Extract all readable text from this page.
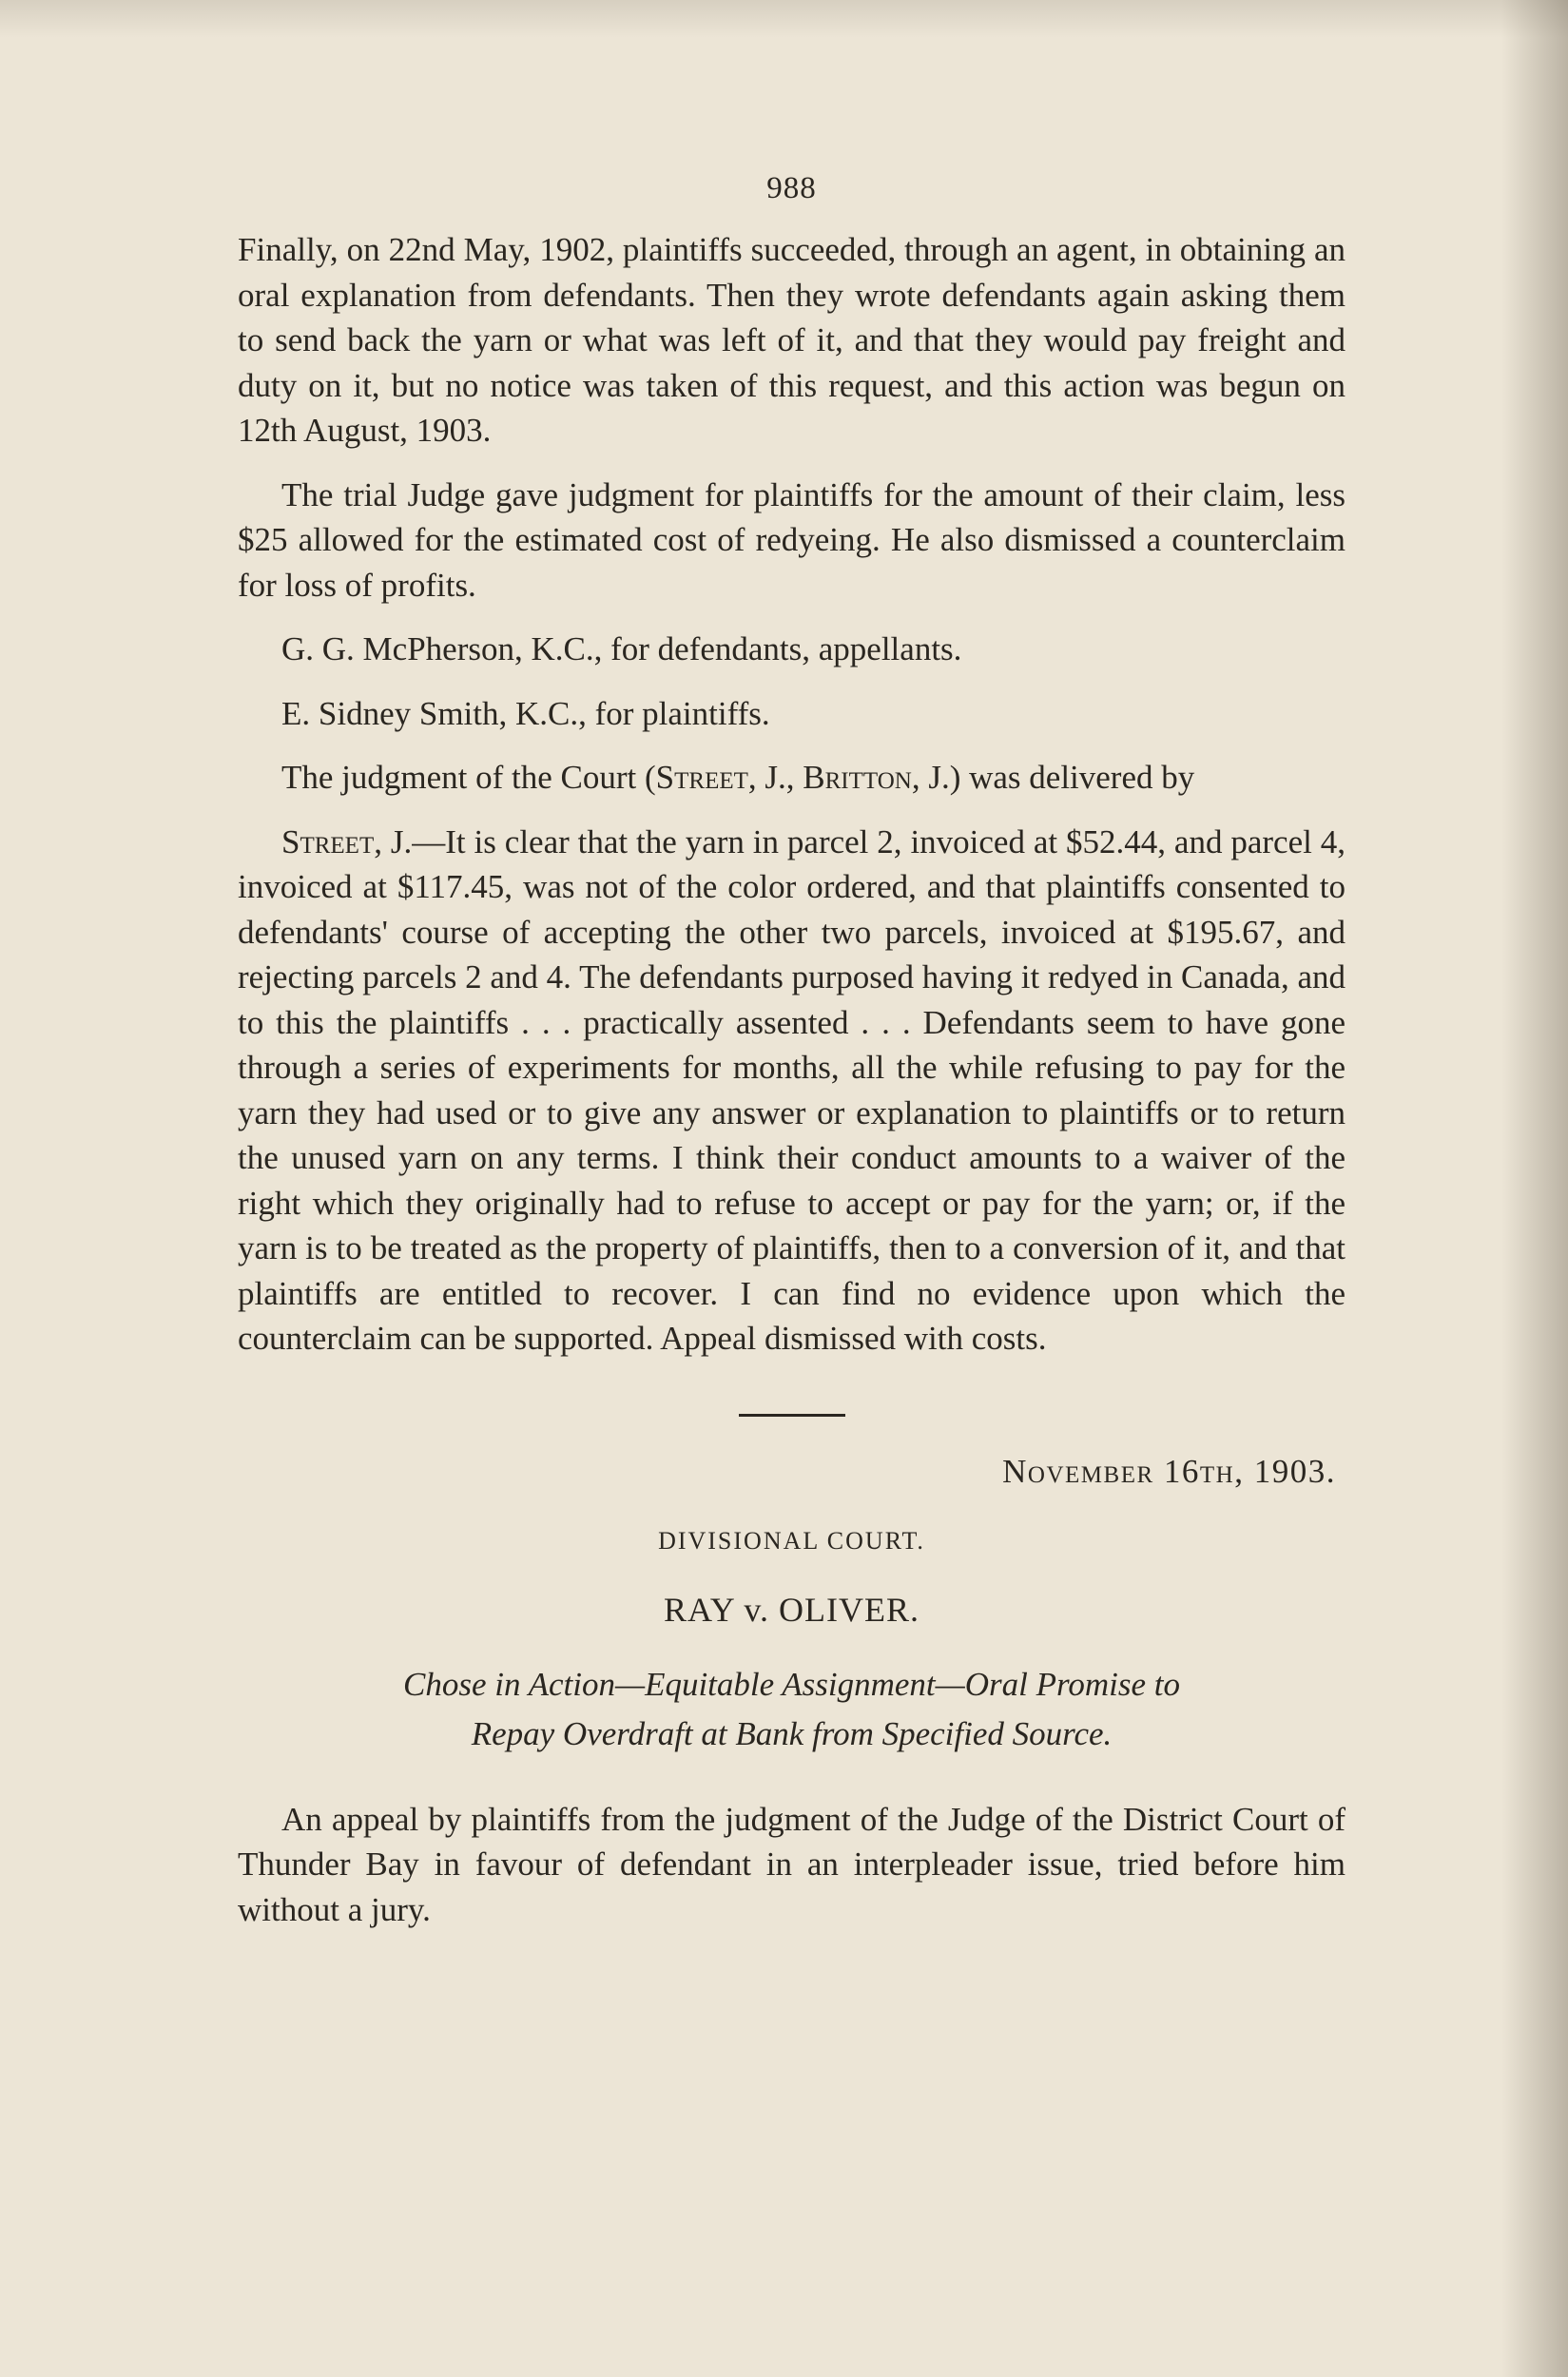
988

Finally, on 22nd May, 1902, plaintiffs succeeded, through an agent, in obtaining an oral explanation from defendants. Then they wrote defendants again asking them to send back the yarn or what was left of it, and that they would pay freight and duty on it, but no notice was taken of this request, and this action was begun on 12th August, 1903.

The trial Judge gave judgment for plaintiffs for the amount of their claim, less $25 allowed for the estimated cost of redyeing. He also dismissed a counterclaim for loss of profits.

G. G. McPherson, K.C., for defendants, appellants.

E. Sidney Smith, K.C., for plaintiffs.

The judgment of the Court (Street, J., Britton, J.) was delivered by

Street, J.—It is clear that the yarn in parcel 2, invoiced at $52.44, and parcel 4, invoiced at $117.45, was not of the color ordered, and that plaintiffs consented to defendants' course of accepting the other two parcels, invoiced at $195.67, and rejecting parcels 2 and 4. The defendants purposed having it redyed in Canada, and to this the plaintiffs . . . practically assented . . . Defendants seem to have gone through a series of experiments for months, all the while refusing to pay for the yarn they had used or to give any answer or explanation to plaintiffs or to return the unused yarn on any terms. I think their conduct amounts to a waiver of the right which they originally had to refuse to accept or pay for the yarn; or, if the yarn is to be treated as the property of plaintiffs, then to a conversion of it, and that plaintiffs are entitled to recover. I can find no evidence upon which the counterclaim can be supported. Appeal dismissed with costs.

November 16th, 1903.
DIVISIONAL COURT.
RAY v. OLIVER.
Chose in Action—Equitable Assignment—Oral Promise to
Repay Overdraft at Bank from Specified Source.

An appeal by plaintiffs from the judgment of the Judge of the District Court of Thunder Bay in favour of defendant in an interpleader issue, tried before him without a jury.
